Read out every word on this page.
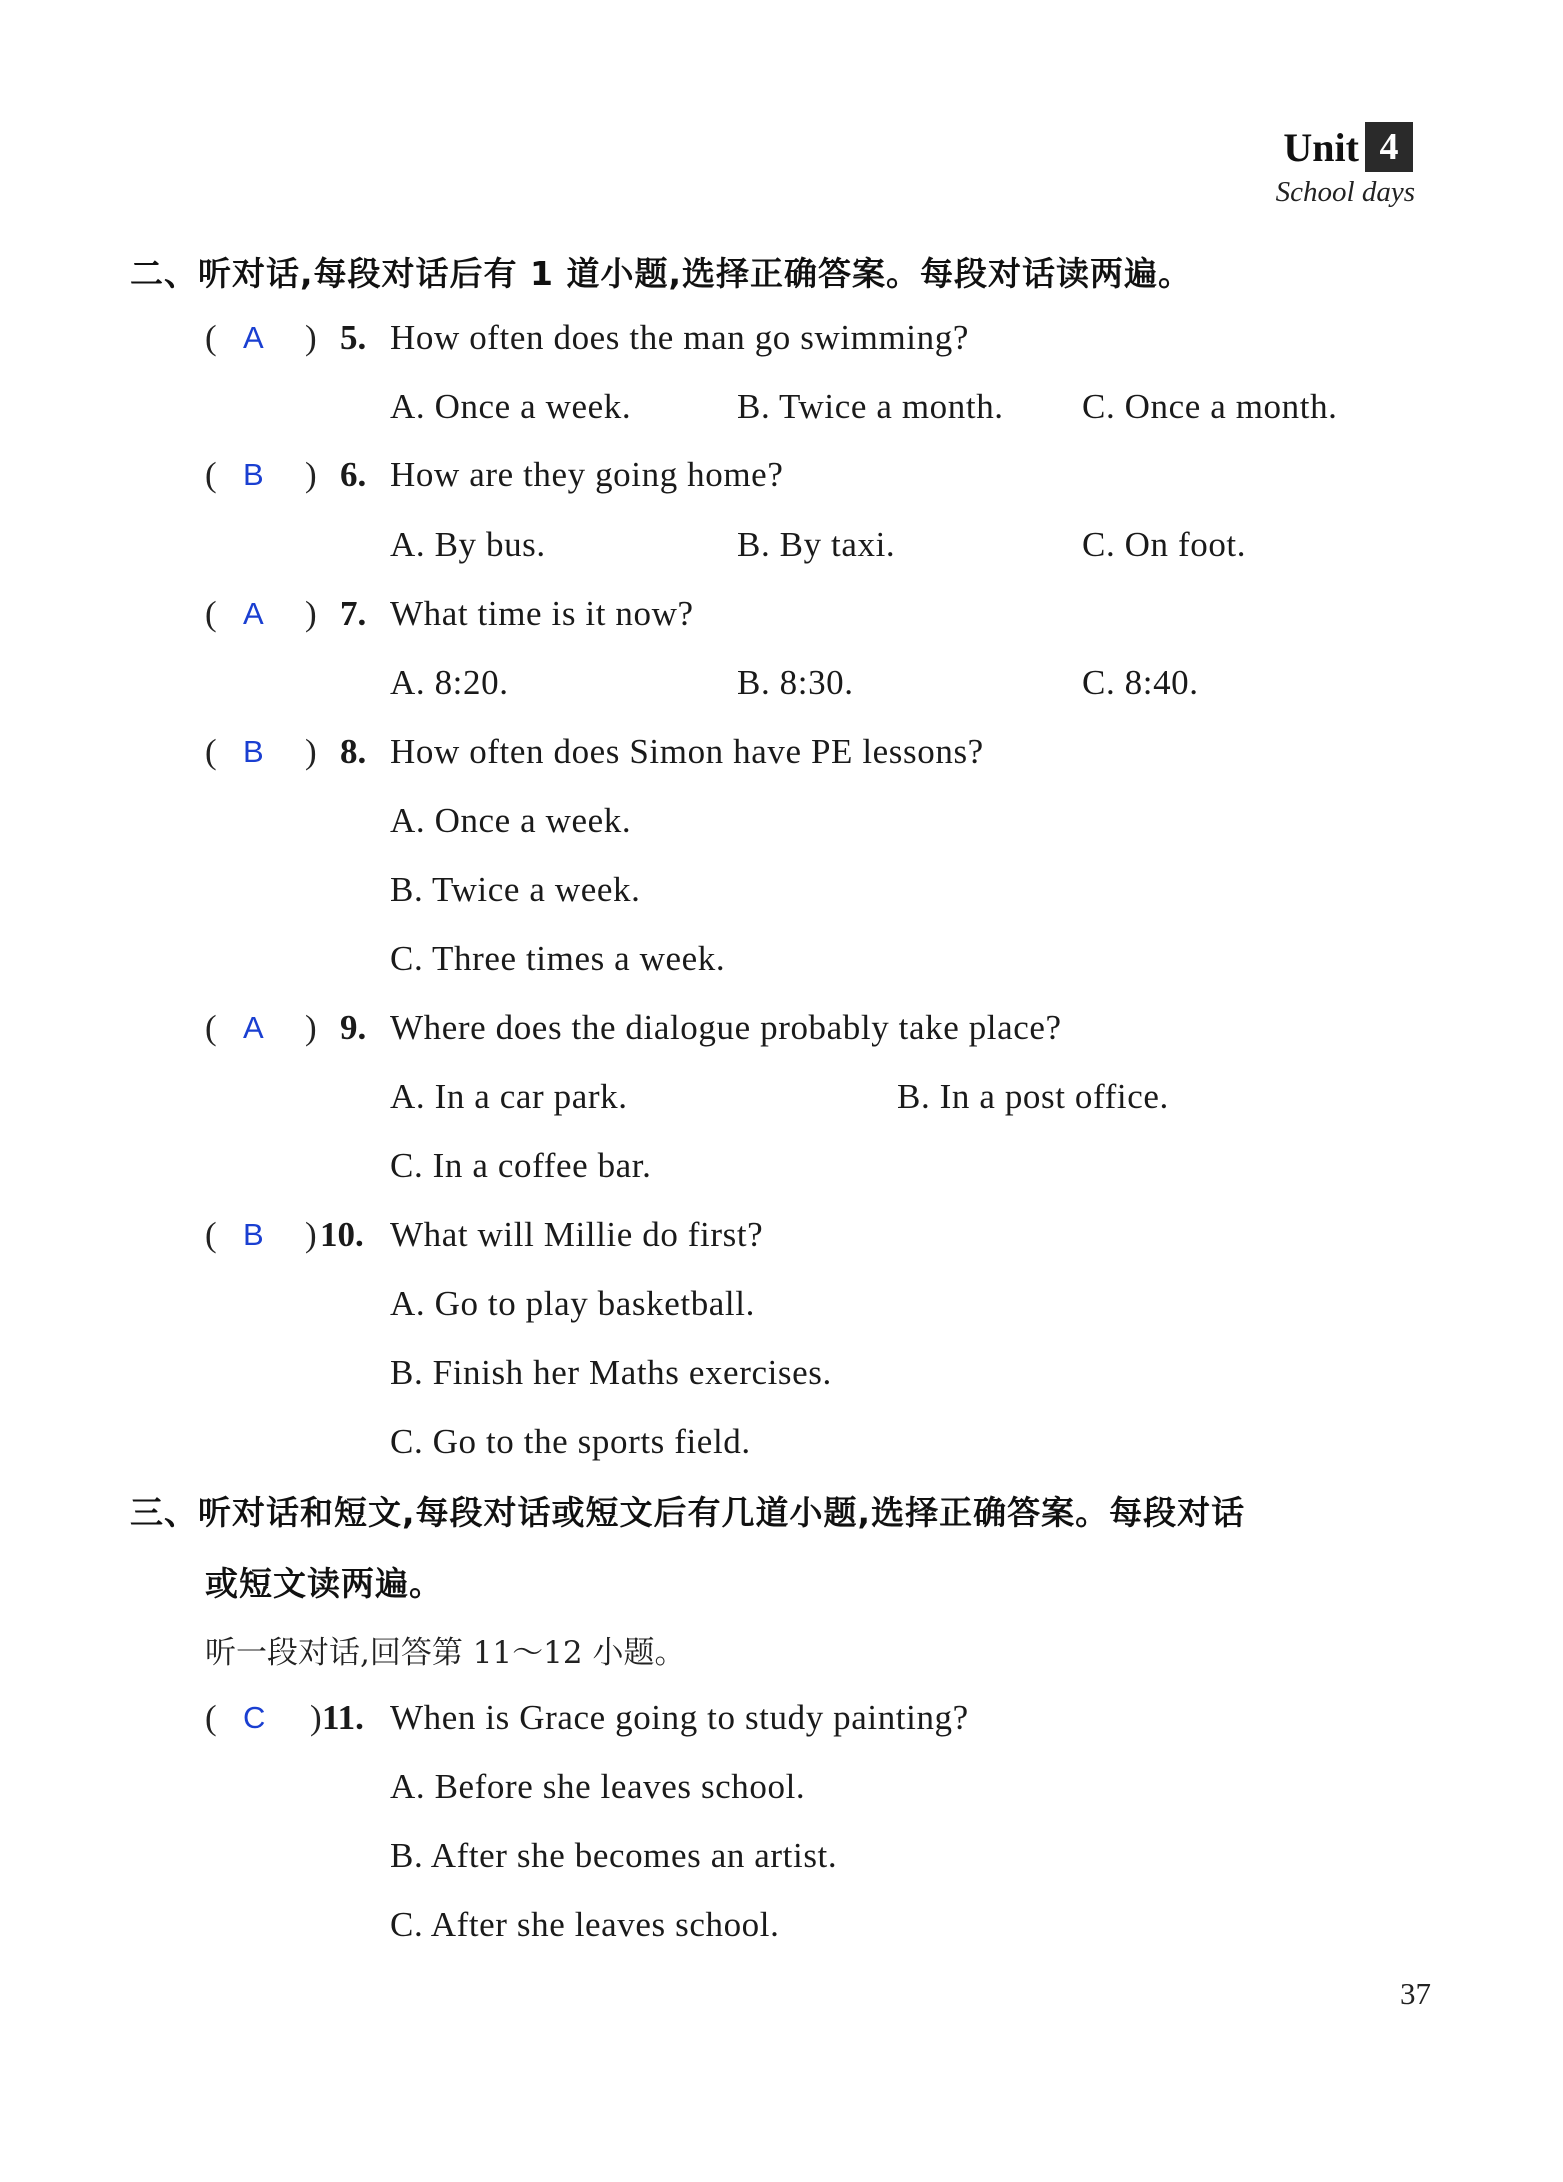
Unit 4
School days
二、听对话,每段对话后有 1 道小题,选择正确答案。每段对话读两遍。
( A ) 5. How often does the man go swimming?
A. Once a week.	B. Twice a month. C. Once a month.
( B ) 6. How are they going home?
A. By bus.	B. By taxi.	C. On foot.
( A ) 7. What time is it now?
A. 8:20.	B. 8:30.	C. 8:40.
( B ) 8. How often does Simon have PE lessons?
A. Once a week.
B. Twice a week.
C. Three times a week.
( A ) 9. Where does the dialogue probably take place?
A. In a car park.	B. In a post office.
C. In a coffee bar.
( B ) 10. What will Millie do first?
A. Go to play basketball.
B. Finish her Maths exercises.
C. Go to the sports field.
三、听对话和短文,每段对话或短文后有几道小题,选择正确答案。每段对话
或短文读两遍。
听一段对话,回答第 11～12 小题。
( C ) 11. When is Grace going to study painting?
A. Before she leaves school.
B. After she becomes an artist.
C. After she leaves school.
37
